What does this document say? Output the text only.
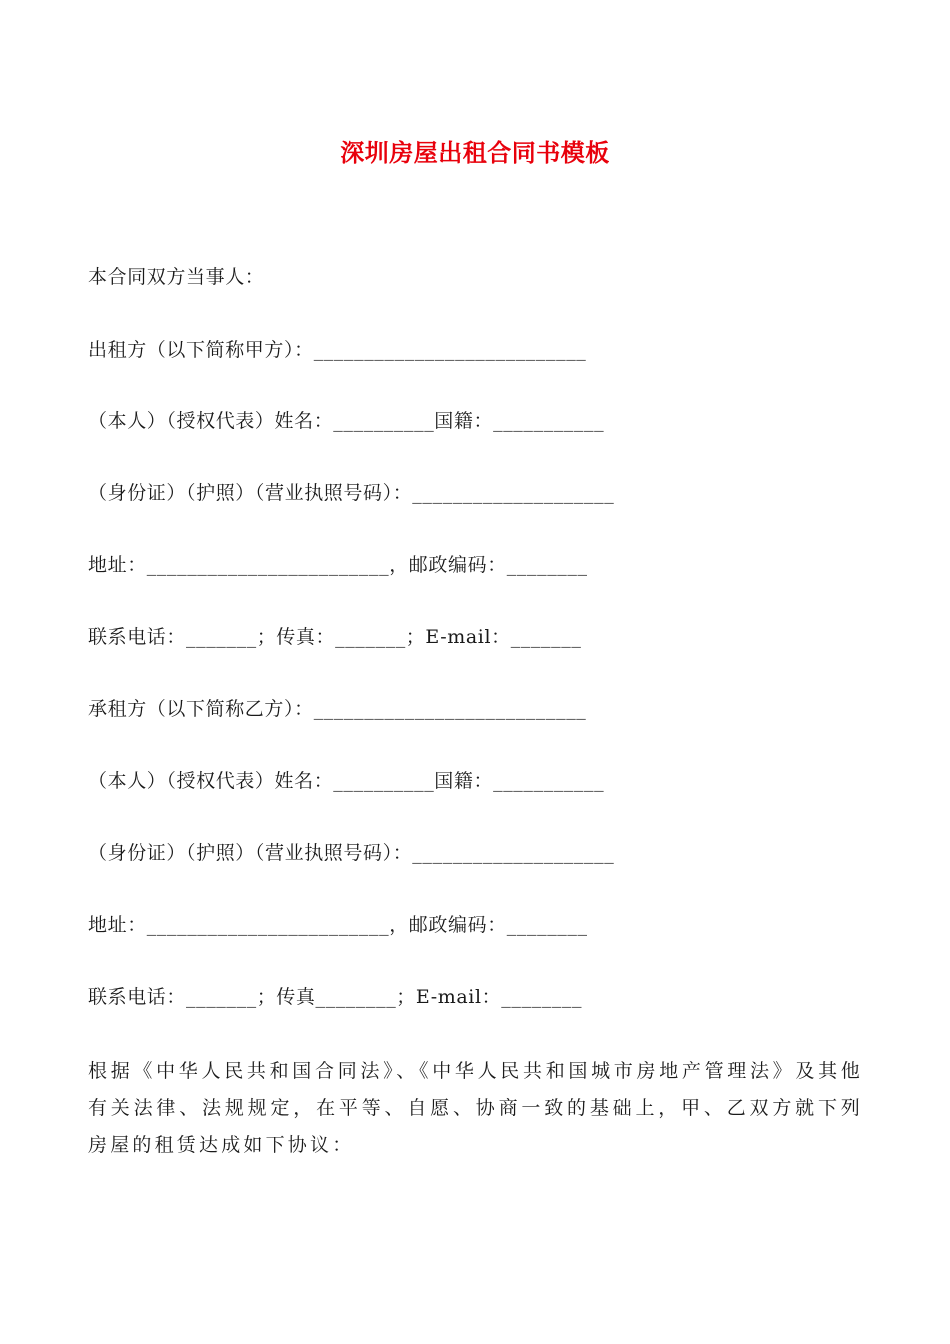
深圳房屋出租合同书模板

本合同双方当事人：

出租方（以下简称甲方）：___________________________

（本人）（授权代表）姓名：__________国籍：___________

（身份证）（护照）（营业执照号码）：____________________

地址：________________________，邮政编码：________

联系电话：_______；传真：_______；E-mail：_______

承租方（以下简称乙方）：___________________________

（本人）（授权代表）姓名：__________国籍：___________

（身份证）（护照）（营业执照号码）：____________________

地址：________________________，邮政编码：________

联系电话：_______；传真________；E-mail：________

根据《中华人民共和国合同法》、《中华人民共和国城市房地产管理法》及其他有关法律、法规规定，在平等、自愿、协商一致的基础上，甲、乙双方就下列房屋的租赁达成如下协议：
